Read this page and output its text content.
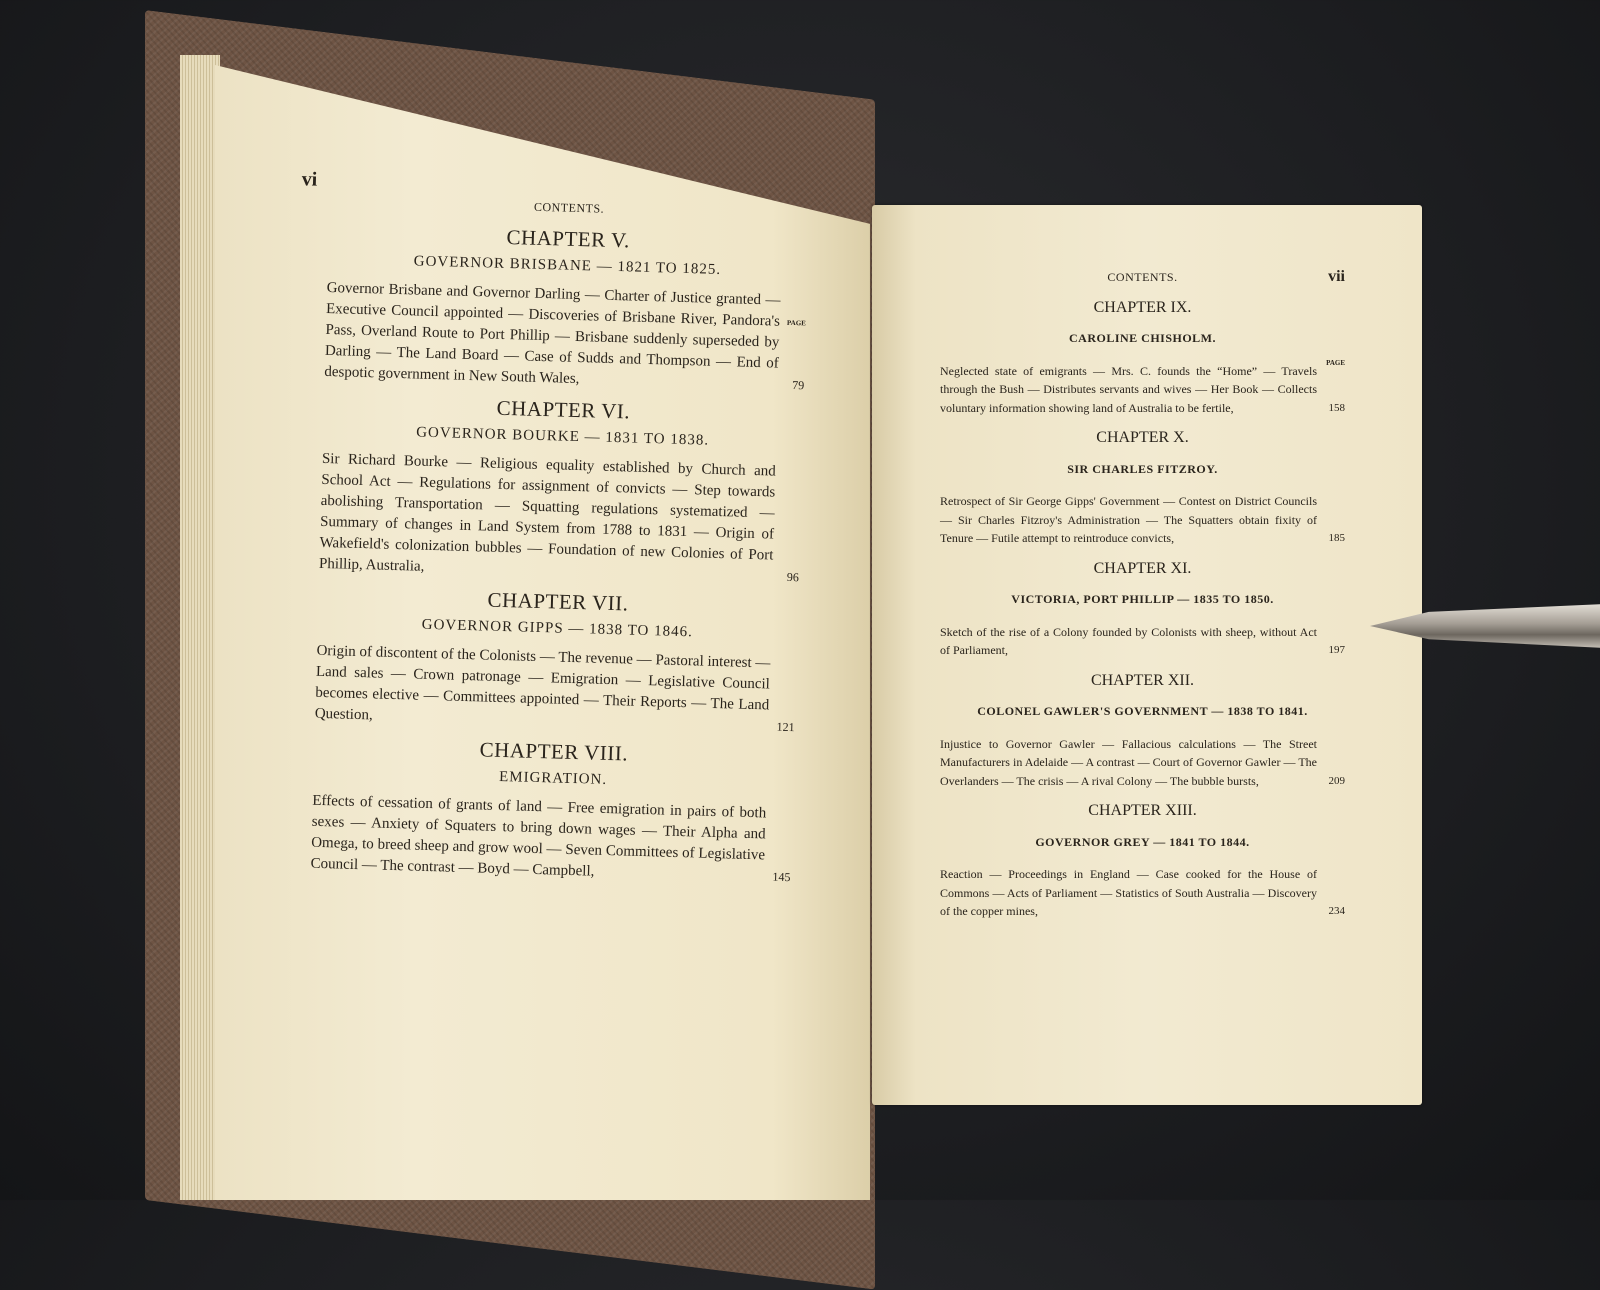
vi
CONTENTS.
CHAPTER V.
GOVERNOR BRISBANE — 1821 TO 1825.
PAGE
Governor Brisbane and Governor Darling — Charter of Justice granted — Executive Council appointed — Discoveries of Brisbane River, Pandora's Pass, Overland Route to Port Phillip — Brisbane suddenly superseded by Darling — The Land Board — Case of Sudds and Thompson — End of despotic government in New South Wales,	79
CHAPTER VI.
GOVERNOR BOURKE — 1831 TO 1838.
Sir Richard Bourke — Religious equality established by Church and School Act — Regulations for assignment of convicts — Step towards abolishing Transportation — Squatting regulations systematized — Summary of changes in Land System from 1788 to 1831 — Origin of Wakefield's colonization bubbles — Foundation of new Colonies of Port Phillip, Australia,
96
CHAPTER VII.
GOVERNOR GIPPS — 1838 TO 1846.
Origin of discontent of the Colonists — The revenue — Pastoral interest — Land sales — Crown patronage — Emigration — Legislative Council becomes elective — Committees appointed — Their Reports — The Land Question,
121
CHAPTER VIII.
EMIGRATION.
Effects of cessation of grants of land — Free emigration in pairs of both sexes — Anxiety of Squaters to bring down wages — Their Alpha and Omega, to breed sheep and grow wool — Seven Committees of Legislative Council — The contrast — Boyd — Campbell,	145
CONTENTS.	vii
CHAPTER IX.
CAROLINE CHISHOLM.
PAGE
Neglected state of emigrants — Mrs. C. founds the “Home” — Travels through the Bush — Distributes servants and wives — Her Book — Collects voluntary information showing land of Australia to be fertile,	158
CHAPTER X.
SIR CHARLES FITZROY.
Retrospect of Sir George Gipps' Government — Contest on District Councils — Sir Charles Fitzroy's Administration — The Squatters obtain fixity of Tenure — Futile attempt to reintroduce convicts,	185
CHAPTER XI.
VICTORIA, PORT PHILLIP — 1835 TO 1850.
Sketch of the rise of a Colony founded by Colonists with sheep, without Act of Parliament,	197
CHAPTER XII.
COLONEL GAWLER'S GOVERNMENT — 1838 TO 1841.
Injustice to Governor Gawler — Fallacious calculations — The Street Manufacturers in Adelaide — A contrast — Court of Governor Gawler — The Overlanders — The crisis — A rival Colony — The bubble bursts,	209
CHAPTER XIII.
GOVERNOR GREY — 1841 TO 1844.
Reaction — Proceedings in England — Case cooked for the House of Commons — Acts of Parliament — Statistics of South Australia — Discovery of the copper mines,	234
